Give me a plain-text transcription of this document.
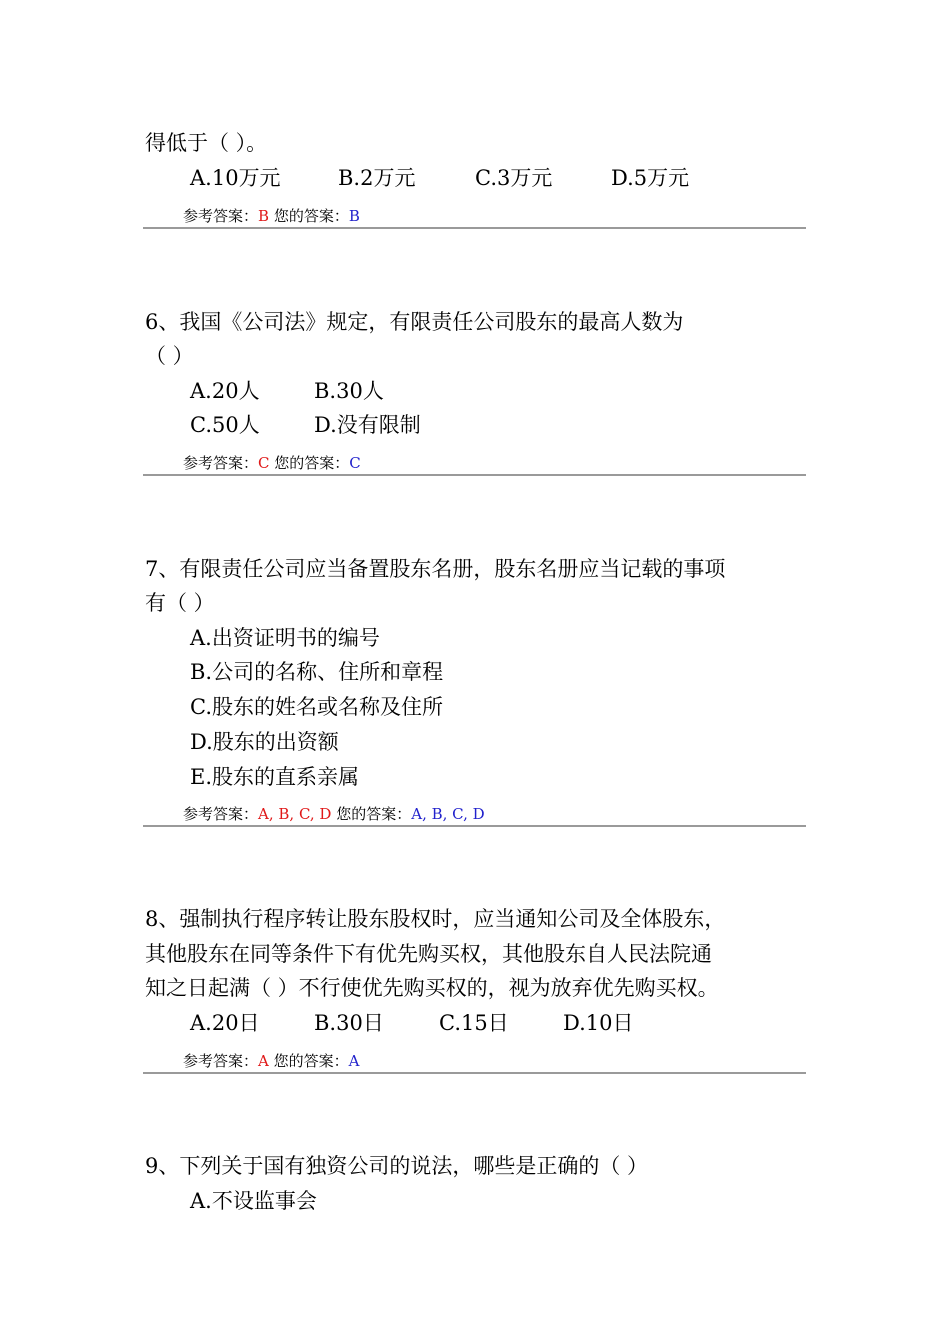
得低于（ ）。
A.10万元	B.2万元	C.3万元	D.5万元
参考答案：B 您的答案：B
6、我国《公司法》规定，有限责任公司股东的最高人数为
（ ）
A.20人	B.30人
C.50人	D.没有限制
参考答案：C 您的答案：C
7、有限责任公司应当备置股东名册，股东名册应当记载的事项
有（ ）
A.出资证明书的编号
B.公司的名称、住所和章程
C.股东的姓名或名称及住所
D.股东的出资额
E.股东的直系亲属
参考答案：A, B, C, D 您的答案：A, B, C, D
8、强制执行程序转让股东股权时，应当通知公司及全体股东，
其他股东在同等条件下有优先购买权，其他股东自人民法院通
知之日起满（ ）不行使优先购买权的，视为放弃优先购买权。
A.20日	B.30日	C.15日	D.10日
参考答案：A 您的答案：A
9、下列关于国有独资公司的说法，哪些是正确的（ ）
A.不设监事会
